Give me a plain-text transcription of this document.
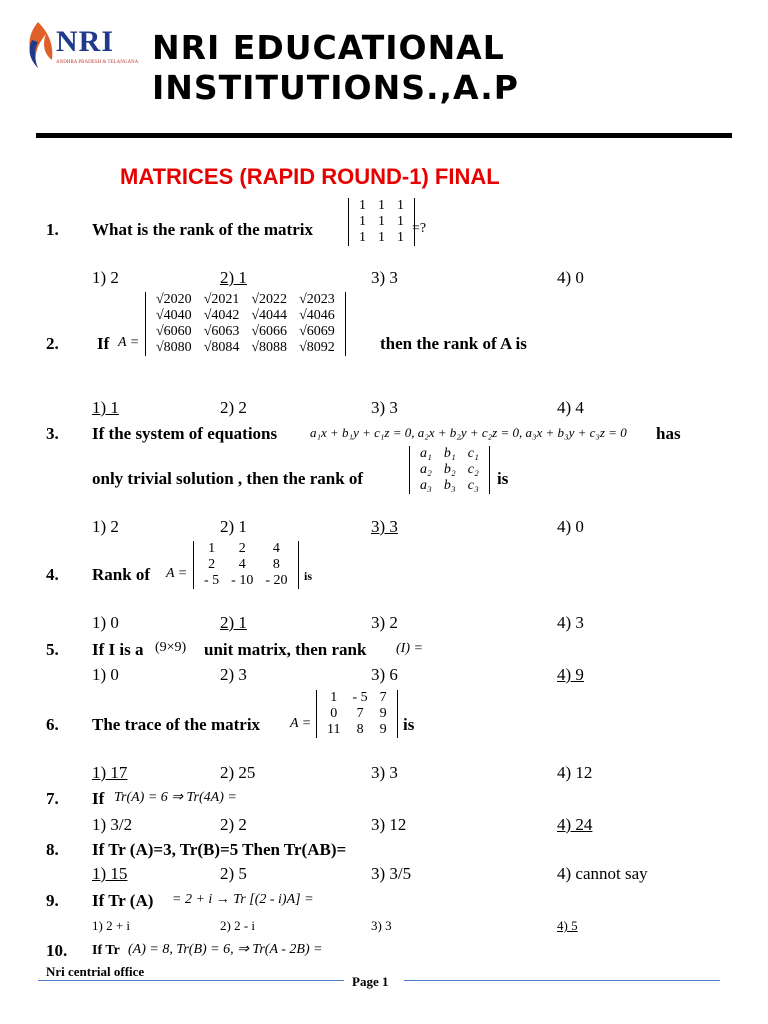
NRI
ANDHRA PRADESH & TELANGANA NRI EDUCATIONAL
INSTITUTIONS.,A.P
MATRICES (RAPID ROUND-1) FINAL
1. What is the rank of the matrix
1	1	1
1	1	1
1	1	1
=?
1) 2	2) 1	3) 3	4) 0
2. If A =
√2020	√2021	√2022	√2023
√4040	√4042	√4044	√4046
√6060	√6063	√6066	√6069
√8080	√8084	√8088	√8092	then the rank of A is
1) 1	2) 2	3) 3	4) 4
3. If the system of equations	a₁x + b₁y + c₁z = 0, a₂x + b₂y + c₂z = 0, a₃x + b₃y + c₃z = 0 has
only trivial solution , then the rank of
a₁	b₁	c₁
a₂	b₂	c₂
a₃	b₃	c₃ is
1) 2	2) 1	3) 3	4) 0
4. Rank of A =
1	2	4
2	4	8
- 5	- 10	- 20 is
1) 0	2) 1	3) 2	4) 3
5. If I is a (9×9) unit matrix, then rank (I) =
1) 0	2) 3	3) 6	4) 9
6. The trace of the matrix A =
1	- 5	7
0	7	9
11	8	9 is
1) 17	2) 25	3) 3	4) 12
7. If Tr(A) = 6 ⇒ Tr(4A) =
1) 3/2	2) 2	3) 12	4) 24
8. If Tr (A)=3, Tr(B)=5 Then Tr(AB)=
1) 15	2) 5	3) 3/5	4) cannot say
9. If Tr (A) = 2 + i → Tr [(2 - i)A] =
1) 2 + i	2) 2 - i	3) 3	4) 5
10. If Tr (A) = 8, Tr(B) = 6, ⇒ Tr(A - 2B) =
Nri centrial office
Page 1
